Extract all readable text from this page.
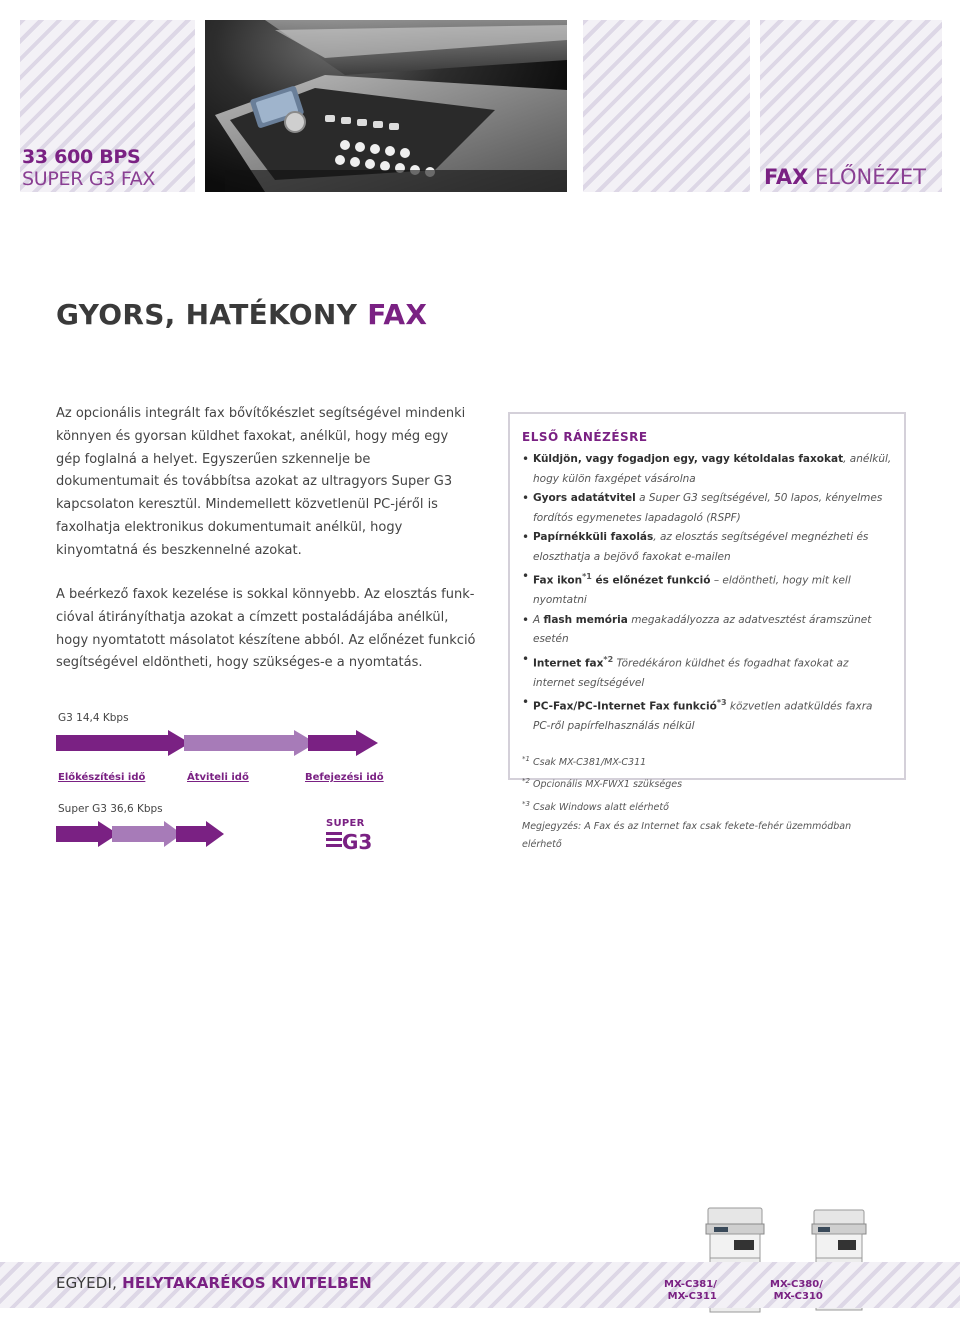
33 600 BPS
SUPER G3 FAX	FAX ELŐNÉZET
GYORS, HATÉKONY FAX

Az opcionális integrált fax bővítőkészlet segítségével mindenki könnyen és gyorsan küldhet faxokat, anélkül, hogy még egy gép foglalná a helyet. Egyszerűen szkennelje be dokumentumait és továbbítsa azokat az ultragyors Super G3 kapcsolaton keresztül. Mindemellett közvetlenül PC-jéről is faxolhatja elektronikus dokumentumait anélkül, hogy kinyomtatná és beszkennelné azokat.

A beérkező faxok kezelése is sokkal könnyebb. Az elosztás funkcióval átirányíthatja azokat a címzett postaládájába anélkül, hogy nyomtatott másolatot készítene abból. Az előnézet funkció segítségével eldöntheti, hogy szükséges-e a nyomtatás.

ELSŐ RÁNÉZÉSRE
• Küldjön, vagy fogadjon egy, vagy kétoldalas faxokat, anélkül, hogy külön faxgépet vásárolna
• Gyors adatátvitel a Super G3 segítségével, 50 lapos, kényelmes fordítós egymenetes lapadagoló (RSPF)
• Papírnékküli faxolás, az elosztás segítségével megnézheti és eloszthatja a bejövő faxokat e-mailen
• Fax ikon$^{*1}$ és előnézet funkció – eldöntheti, hogy mit kell nyomtatni
• A flash memória megakadályozza az adatvesztést áramszünet esetén
• Internet fax$^{*2}$ Töredékáron küldhet és fogadhat faxokat az internet segítségével
• PC-Fax/PC-Internet Fax funkció$^{*3}$ közvetlen adatküldés faxra PC-ről papírfelhasználás nélkül
$^{*1}$ Csak MX-C381/MX-C311
$^{*2}$ Opcionális MX-FWX1 szükséges
$^{*3}$ Csak Windows alatt elérhető
Megjegyzés: A Fax és az Internet fax csak fekete-fehér üzemmódban elérhető
G3 14,4 Kbps
Előkészítési idő	Átviteli idő	Befejezési idő
Super G3 36,6 Kbps
SUPER
G3
EGYEDI, HELYTAKARÉKOS KIVITELBEN	MX-C381/
MX-C311
MX-C380/
MX-C310
